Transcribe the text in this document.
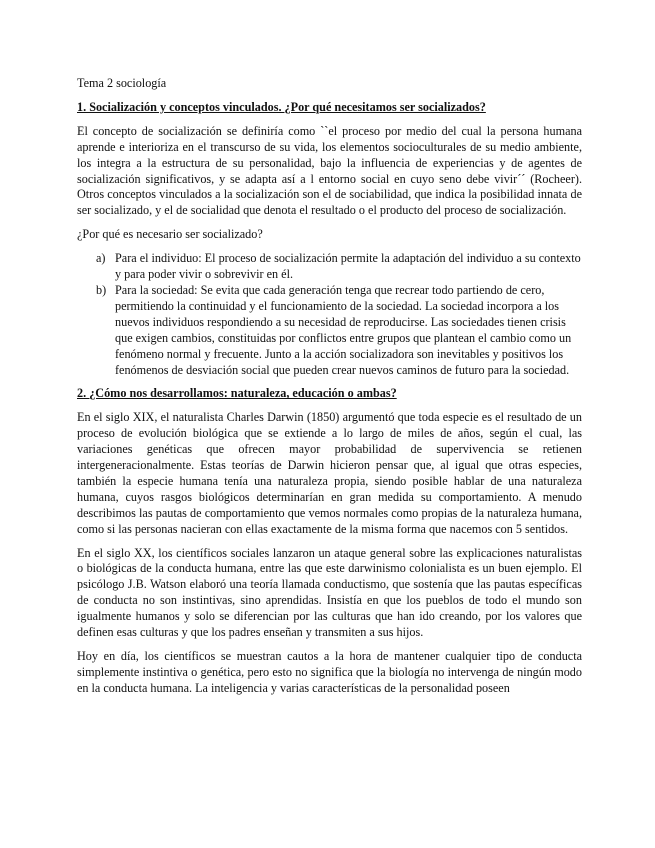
Tema 2 sociología

1. Socialización y conceptos vinculados. ¿Por qué necesitamos ser socializados?

El concepto de socialización se definiría como ``el proceso por medio del cual la persona humana aprende e interioriza en el transcurso de su vida, los elementos socioculturales de su medio ambiente, los integra a la estructura de su personalidad, bajo la influencia de experiencias y de agentes de socialización significativos, y se adapta así a l entorno social en cuyo seno debe vivir´´ (Rocheer). Otros conceptos vinculados a la socialización son el de sociabilidad, que indica la posibilidad innata de ser socializado, y el de socialidad que denota el resultado o el producto del proceso de socialización.

¿Por qué es necesario ser socializado?

a) Para el individuo: El proceso de socialización permite la adaptación del individuo a su contexto y para poder vivir o sobrevivir en él.
b) Para la sociedad: Se evita que cada generación tenga que recrear todo partiendo de cero, permitiendo la continuidad y el funcionamiento de la sociedad. La sociedad incorpora a los nuevos individuos respondiendo a su necesidad de reproducirse. Las sociedades tienen crisis que exigen cambios, constituidas por conflictos entre grupos que plantean el cambio como un fenómeno normal y frecuente. Junto a la acción socializadora son inevitables y positivos los fenómenos de desviación social que pueden crear nuevos caminos de futuro para la sociedad.

2. ¿Cómo nos desarrollamos: naturaleza, educación o ambas?

En el siglo XIX, el naturalista Charles Darwin (1850) argumentó que toda especie es el resultado de un proceso de evolución biológica que se extiende a lo largo de miles de años, según el cual, las variaciones genéticas que ofrecen mayor probabilidad de supervivencia se retienen intergeneracionalmente. Estas teorías de Darwin hicieron pensar que, al igual que otras especies, también la especie humana tenía una naturaleza propia, siendo posible hablar de una naturaleza humana, cuyos rasgos biológicos determinarían en gran medida su comportamiento. A menudo describimos las pautas de comportamiento que vemos normales como propias de la naturaleza humana, como si las personas nacieran con ellas exactamente de la misma forma que nacemos con 5 sentidos.

En el siglo XX, los científicos sociales lanzaron un ataque general sobre las explicaciones naturalistas o biológicas de la conducta humana, entre las que este darwinismo colonialista es un buen ejemplo. El psicólogo J.B. Watson elaboró una teoría llamada conductismo, que sostenía que las pautas específicas de conducta no son instintivas, sino aprendidas. Insistía en que los pueblos de todo el mundo son igualmente humanos y solo se diferencian por las culturas que han ido creando, por los valores que definen esas culturas y que los padres enseñan y transmiten a sus hijos.

Hoy en día, los científicos se muestran cautos a la hora de mantener cualquier tipo de conducta simplemente instintiva o genética, pero esto no significa que la biología no intervenga de ningún modo en la conducta humana. La inteligencia y varias características de la personalidad poseen
